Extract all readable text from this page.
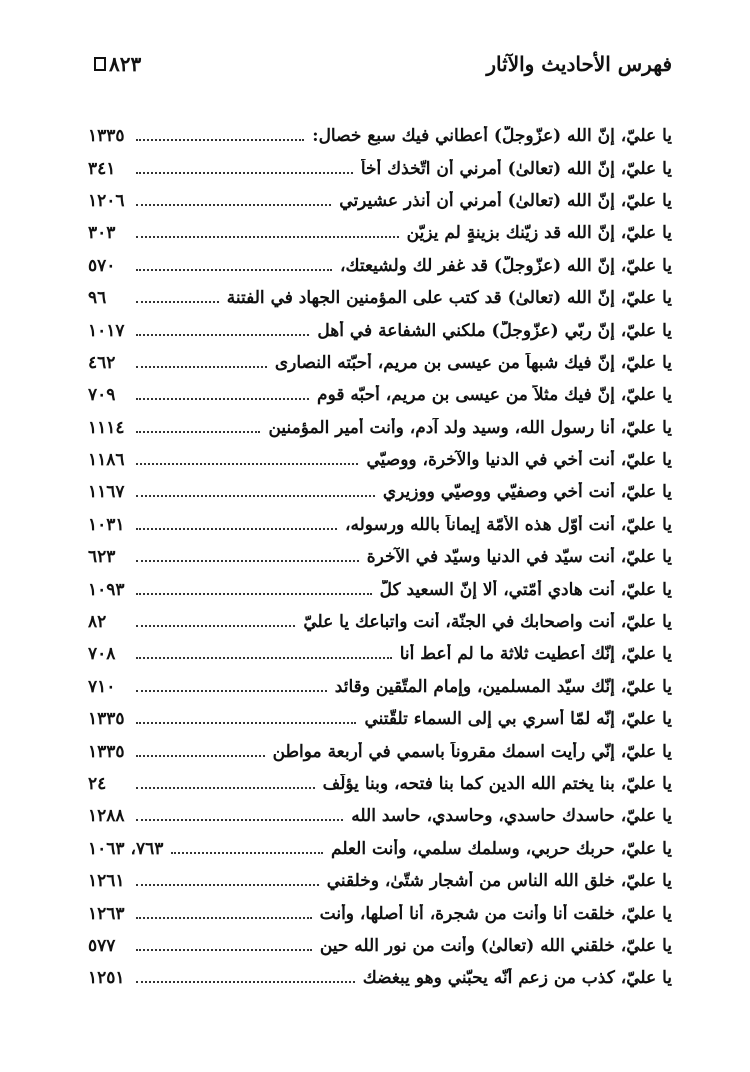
٨٢٣	فهرس الأحاديث والآثار
يا عليّ، إنّ الله (عزّوجلّ) أعطاني فيك سبع خصال:
١٣٣٥
يا عليّ، إنّ الله (تعالىٰ) أمرني أن اتّخذك أخاً
٣٤١
يا عليّ، إنّ الله (تعالىٰ) أمرني أن أنذر عشيرتي
١٢٠٦
يا عليّ، إنّ الله قد زيّنك بزينةٍ لم يزيّن
٣٠٣
يا عليّ، إنّ الله (عزّوجلّ) قد غفر لك ولشيعتك،
٥٧٠
يا عليّ، إنّ الله (تعالىٰ) قد كتب على المؤمنين الجهاد في الفتنة
٩٦
يا عليّ، إنّ ربّي (عزّوجلّ) ملكني الشفاعة في أهل
١٠١٧
يا عليّ، إنّ فيك شبهاً من عيسى بن مريم، أحبّته النصارى
٤٦٢
يا عليّ، إنّ فيك مثلاً من عيسى بن مريم، أحبّه قوم
٧٠٩
يا عليّ، أنا رسول الله، وسيد ولد آدم، وأنت أمير المؤمنين
١١١٤
يا عليّ، أنت أخي في الدنيا والآخرة، ووصيّي
١١٨٦
يا عليّ، أنت أخي وصفيّي ووصيّي ووزيري
١١٦٧
يا عليّ، أنت أوّل هذه الأمّة إيماناً بالله ورسوله،
١٠٣١
يا عليّ، أنت سيّد في الدنيا وسيّد في الآخرة
٦٢٣
يا عليّ، أنت هادي أُمّتي، ألا إنّ السعيد كلّ
١٠٩٣
يا عليّ، أنت واصحابك في الجنّة، أنت واتباعك يا عليّ
٨٢
يا عليّ، إنّك أُعطيت ثلاثة ما لم أُعط أنا
٧٠٨
يا عليّ، إنّك سيّد المسلمين، وإمام المتّقين وقائد
٧١٠
يا عليّ، إنّه لمّا أُسري بي إلى السماء تلقّتني
١٣٣٥
يا عليّ، إنّي رأيت اسمك مقروناً باسمي في أربعة مواطن
١٣٣٥
يا عليّ، بنا يختم الله الدين كما بنا فتحه، وبنا يؤلّف
٢٤
يا عليّ، حاسدك حاسدي، وحاسدي، حاسد الله
١٢٨٨
يا عليّ، حربك حربي، وسلمك سلمي، وأنت العلم
٧٦٣، ١٠٦٣
يا عليّ، خلق الله الناس من أشجار شتّىٰ، وخلقني
١٢٦١
يا عليّ، خلقت أنا وأنت من شجرة، أنا أصلها، وأنت
١٢٦٣
يا عليّ، خلقني الله (تعالىٰ) وأنت من نور الله حين
٥٧٧
يا عليّ، كذب من زعم أنّه يحبّني وهو يبغضك
١٢٥١
